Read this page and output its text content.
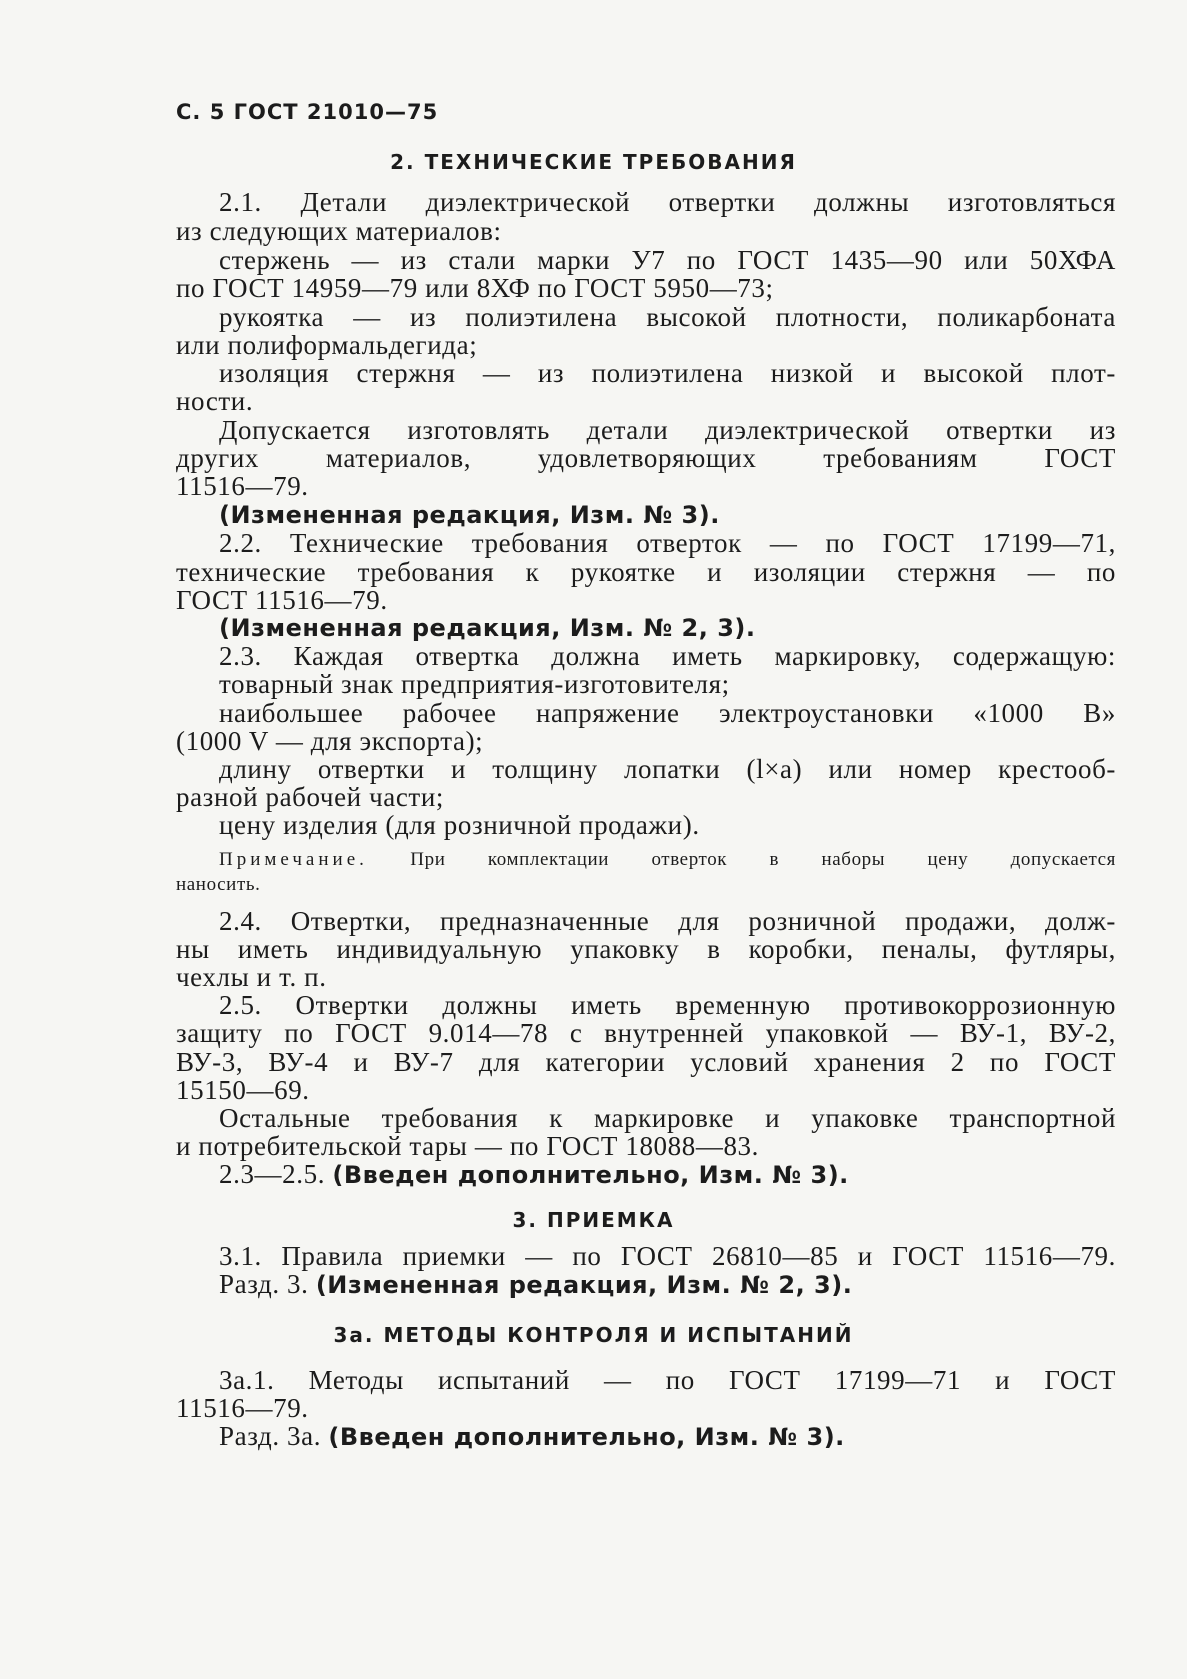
С. 5 ГОСТ 21010—75
2. ТЕХНИЧЕСКИЕ ТРЕБОВАНИЯ
2.1. Детали диэлектрической отвертки должны изготовляться
из следующих материалов:
стержень — из стали марки У7 по ГОСТ 1435—90 или 50ХФА
по ГОСТ 14959—79 или 8ХФ по ГОСТ 5950—73;
рукоятка — из полиэтилена высокой плотности, поликарбоната
или полиформальдегида;
изоляция стержня — из полиэтилена низкой и высокой плот-
ности.
Допускается изготовлять детали диэлектрической отвертки из
других материалов, удовлетворяющих требованиям ГОСТ
11516—79.
(Измененная редакция, Изм. № 3).
2.2. Технические требования отверток — по ГОСТ 17199—71,
технические требования к рукоятке и изоляции стержня — по
ГОСТ 11516—79.
(Измененная редакция, Изм. № 2, 3).
2.3. Каждая отвертка должна иметь маркировку, содержащую:
товарный знак предприятия-изготовителя;
наибольшее рабочее напряжение электроустановки «1000 В»
(1000 V — для экспорта);
длину отвертки и толщину лопатки (l×a) или номер крестооб-
разной рабочей части;
цену изделия (для розничной продажи).
Примечание. При комплектации отверток в наборы цену допускается
наносить.
2.4. Отвертки, предназначенные для розничной продажи, долж-
ны иметь индивидуальную упаковку в коробки, пеналы, футляры,
чехлы и т. п.
2.5. Отвертки должны иметь временную противокоррозионную
защиту по ГОСТ 9.014—78 с внутренней упаковкой — ВУ-1, ВУ-2,
ВУ-3, ВУ-4 и ВУ-7 для категории условий хранения 2 по ГОСТ
15150—69.
Остальные требования к маркировке и упаковке транспортной
и потребительской тары — по ГОСТ 18088—83.
2.3—2.5. (Введен дополнительно, Изм. № 3).
3. ПРИЕМКА
3.1. Правила приемки — по ГОСТ 26810—85 и ГОСТ 11516—79.
Разд. 3. (Измененная редакция, Изм. № 2, 3).
3а. МЕТОДЫ КОНТРОЛЯ И ИСПЫТАНИЙ
3а.1. Методы испытаний — по ГОСТ 17199—71 и ГОСТ
11516—79.
Разд. 3а. (Введен дополнительно, Изм. № 3).
